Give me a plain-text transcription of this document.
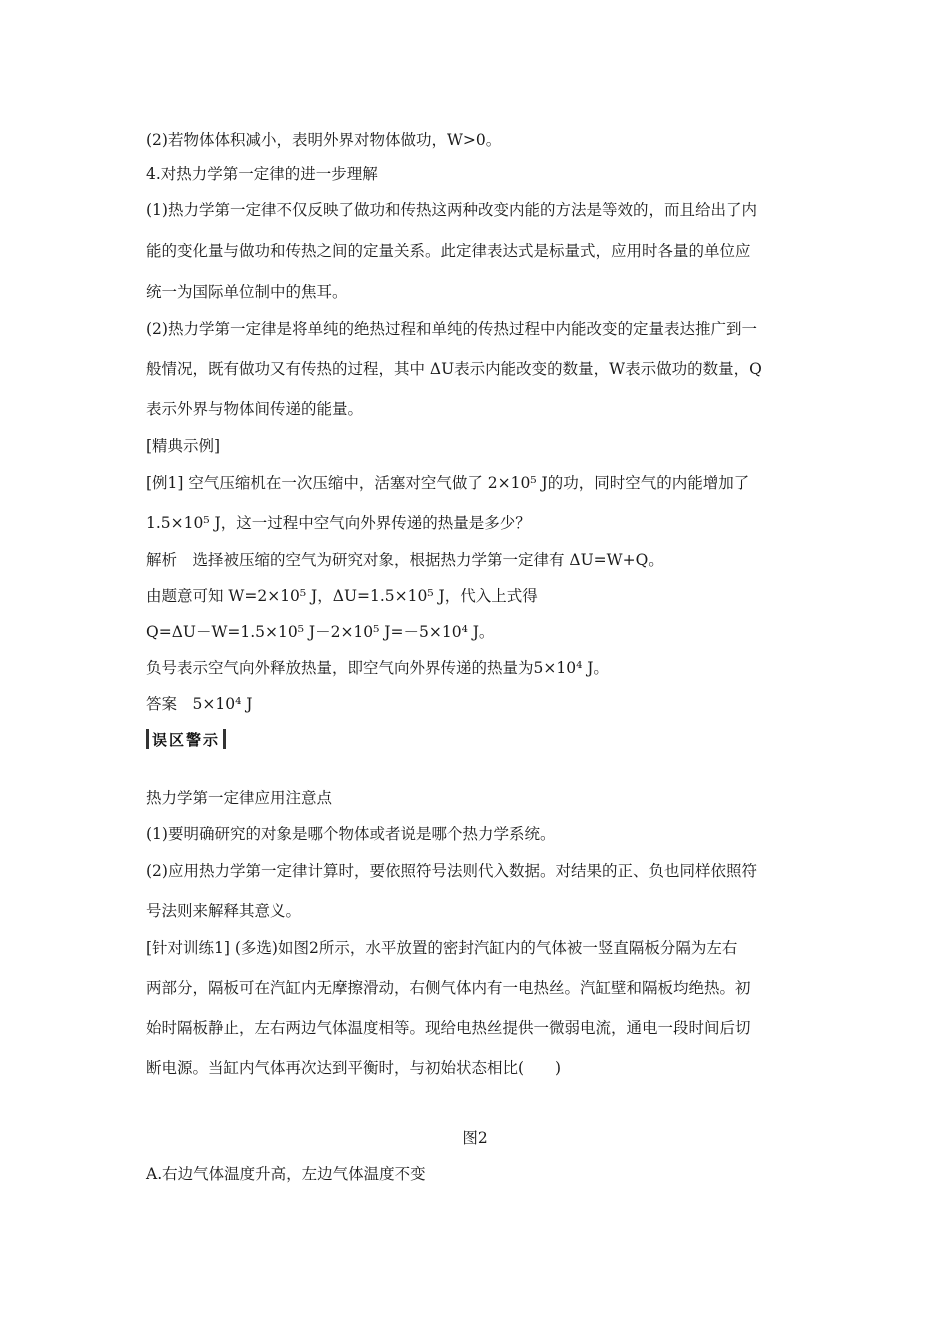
(2)若物体体积减小，表明外界对物体做功，W>0。
4.对热力学第一定律的进一步理解
(1)热力学第一定律不仅反映了做功和传热这两种改变内能的方法是等效的，而且给出了内
能的变化量与做功和传热之间的定量关系。此定律表达式是标量式，应用时各量的单位应
统一为国际单位制中的焦耳。
(2)热力学第一定律是将单纯的绝热过程和单纯的传热过程中内能改变的定量表达推广到一
般情况，既有做功又有传热的过程，其中 ΔU表示内能改变的数量，W表示做功的数量，Q
表示外界与物体间传递的能量。
[精典示例]
[例1] 空气压缩机在一次压缩中，活塞对空气做了 2×10⁵ J的功，同时空气的内能增加了
1.5×10⁵ J，这一过程中空气向外界传递的热量是多少？
解析　选择被压缩的空气为研究对象，根据热力学第一定律有 ΔU=W+Q。
由题意可知 W=2×10⁵ J，ΔU=1.5×10⁵ J，代入上式得
Q=ΔU－W=1.5×10⁵ J－2×10⁵ J=－5×10⁴ J。
负号表示空气向外释放热量，即空气向外界传递的热量为5×10⁴ J。
答案　5×10⁴ J
误区警示
热力学第一定律应用注意点
(1)要明确研究的对象是哪个物体或者说是哪个热力学系统。
(2)应用热力学第一定律计算时，要依照符号法则代入数据。对结果的正、负也同样依照符
号法则来解释其意义。
[针对训练1] (多选)如图2所示，水平放置的密封汽缸内的气体被一竖直隔板分隔为左右
两部分，隔板可在汽缸内无摩擦滑动，右侧气体内有一电热丝。汽缸壁和隔板均绝热。初
始时隔板静止，左右两边气体温度相等。现给电热丝提供一微弱电流，通电一段时间后切
断电源。当缸内气体再次达到平衡时，与初始状态相比(　　)
图2
A.右边气体温度升高，左边气体温度不变
